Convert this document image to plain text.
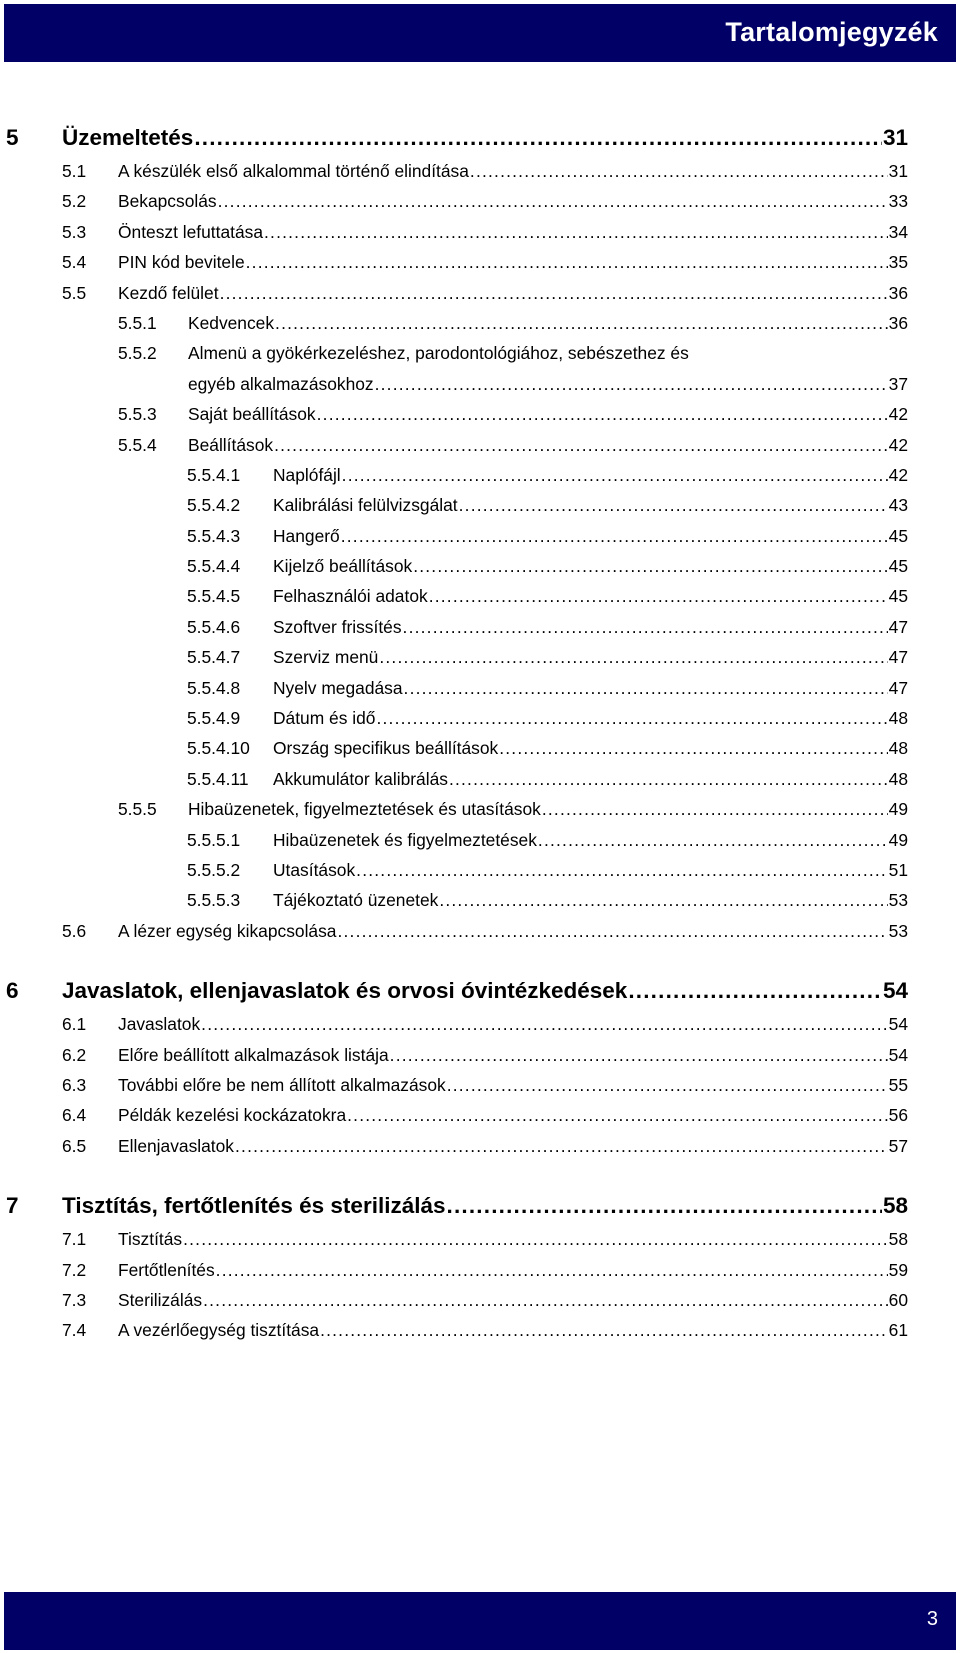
Tartalomjegyzék
5 Üzemeltetés .....	31
5.1 A készülék első alkalommal történő elindítása .....	31
5.2 Bekapcsolás .....	33
5.3 Önteszt lefuttatása .....	34
5.4 PIN kód bevitele .....	35
5.5 Kezdő felület .....	36
5.5.1 Kedvencek .....	36
5.5.2 Almenü a gyökérkezeléshez, parodontológiához, sebészethez és
egyéb alkalmazásokhoz .....	37
5.5.3 Saját beállítások .....	42
5.5.4 Beállítások .....	42
5.5.4.1 Naplófájl .....	42
5.5.4.2 Kalibrálási felülvizsgálat .....	43
5.5.4.3 Hangerő .....	45
5.5.4.4 Kijelző beállítások .....	45
5.5.4.5 Felhasználói adatok .....	45
5.5.4.6 Szoftver frissítés .....	47
5.5.4.7 Szerviz menü .....	47
5.5.4.8 Nyelv megadása .....	47
5.5.4.9 Dátum és idő .....	48
5.5.4.10 Ország specifikus beállítások .....	48
5.5.4.11 Akkumulátor kalibrálás .....	48
5.5.5 Hibaüzenetek, figyelmeztetések és utasítások .....	49
5.5.5.1 Hibaüzenetek és figyelmeztetések .....	49
5.5.5.2 Utasítások .....	51
5.5.5.3 Tájékoztató üzenetek .....	53
5.6 A lézer egység kikapcsolása .....	53
6 Javaslatok, ellenjavaslatok és orvosi óvintézkedések .....	54
6.1 Javaslatok .....	54
6.2 Előre beállított alkalmazások listája .....	54
6.3 További előre be nem állított alkalmazások .....	55
6.4 Példák kezelési kockázatokra .....	56
6.5 Ellenjavaslatok .....	57
7 Tisztítás, fertőtlenítés és sterilizálás .....	58
7.1 Tisztítás .....	58
7.2 Fertőtlenítés .....	59
7.3 Sterilizálás .....	60
7.4 A vezérlőegység tisztítása .....	61
3
